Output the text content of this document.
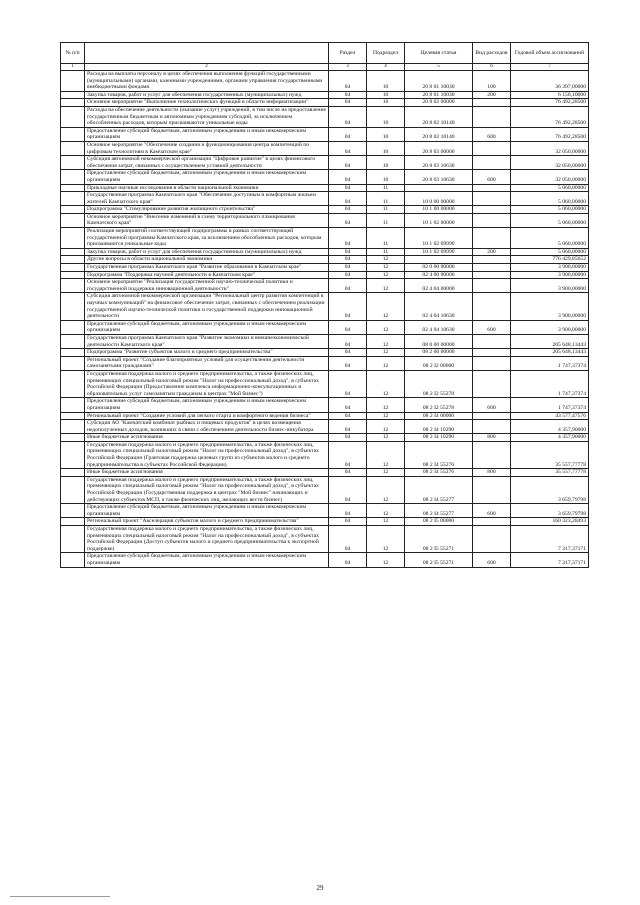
№ п/п		Раздел	Подраздел	Целевая статья	Вид расходов	Годовой объем ассигнований
1	2	3	4	5	6	7
	Расходы на выплаты персоналу в целях обеспечения выполнения функций государственными (муниципальными) органами, казенными учреждениями, органами управления государственными внебюджетными фондами	04	10	20 8 01 10030	100	36 397,00000
	Закупка товаров, работ и услуг для обеспечения государственных (муниципальных) нужд	04	10	20 8 01 10030	200	6 156,10000
	Основное мероприятие "Выполнение технологических функций в области информатизации"	04	10	20 8 02 00000		76 492,28500
	Расходы на обеспечение деятельности (оказание услуг) учреждений, в том числе на предоставление государственным бюджетным и автономным учреждениям субсидий, за исключением обособленных расходов, которым присваиваются уникальные коды	04	10	20 8 02 10140		76 492,28500
	Предоставление субсидий бюджетным, автономным учреждениям и иным некоммерческим организациям	04	10	20 8 02 10140	600	76 492,28500
	Основное мероприятие "Обеспечение создания и функционирования центра компетенций по цифровым технологиям в Камчатском крае"	04	10	20 8 03 00000		32 050,00000
	Субсидия автономной некоммерческой организации "Цифровое развитие" в целях финансового обеспечения затрат, связанных с осуществлением уставной деятельности	04	10	20 8 03 10630		32 050,00000
	Предоставление субсидий бюджетным, автономным учреждениям и иным некоммерческим организациям	04	10	20 8 03 10630	600	32 050,00000
	Прикладные научные исследования в области национальной экономики	04	11			5 060,00000
	Государственная программа Камчатского края "Обеспечение доступным и комфортным жильем жителей Камчатского края"	04	11	10 0 00 00000		5 060,00000
	Подпрограмма "Стимулирование развития жилищного строительства"	04	11	10 1 00 00000		5 060,00000
	Основное мероприятие "Внесение изменений в схему территориального планирования Камчатского края"	04	11	10 1 02 00000		5 060,00000
	Реализация мероприятий соответствующей подпрограммы в рамках соответствующей государственной программы Камчатского края, за исключением обособленных расходов, которым присваиваются уникальные коды	04	11	10 1 02 09990		5 060,00000
	Закупка товаров, работ и услуг для обеспечения государственных (муниципальных) нужд	04	11	10 1 02 09990	200	5 060,00000
	Другие вопросы в области национальной экономики	04	12			776 429,85652
	Государственная программа Камчатского края "Развитие образования в Камчатском крае"	04	12	02 0 00 00000		3 900,00000
	Подпрограмма "Поддержка научной деятельности в Камчатском крае"	04	12	02 4 00 00000		3 900,00000
	Основное мероприятие "Реализация государственной научно-технической политики и государственной поддержки инновационной деятельности"	04	12	02 4 04 00000		3 900,00000
	Субсидия автономной некоммерческой организации "Региональный центр развития компетенций в научных коммуникаций" на финансовое обеспечение затрат, связанных с обеспечением реализации государственной научно-технической политики и государственной поддержки инновационной деятельности	04	12	02 4 04 10630		3 900,00000
	Предоставление субсидий бюджетным, автономным учреждениям и иным некоммерческим организациям	04	12	02 4 04 10630	600	3 900,00000
	Государственная программа Камчатского края "Развитие экономики и внешнеэкономической деятельности Камчатского края"	04	12	08 0 00 00000		205 648,13443
	Подпрограмма "Развитие субъектов малого и среднего предпринимательства"	04	12	08 2 00 00000		205 648,13443
	Региональный проект "Создание благоприятных условий для осуществления деятельности самозанятыми гражданами"	04	12	08 2 I2 00000		1 747,37374
	Государственная поддержка малого и среднего предпринимательства, а также физических лиц, применяющих специальный налоговый режим "Налог на профессиональный доход", в субъектах Российской Федерации (Предоставление комплекса информационно-консультационных и образовательных услуг самозанятым гражданам в центрах "Мой бизнес")	04	12	08 2 I2 55278		1 747,37374
	Предоставление субсидий бюджетным, автономным учреждениям и иным некоммерческим организациям	04	12	08 2 I2 55278	600	1 747,37374
	Региональный проект "Создание условий для легкого старта и комфортного ведения бизнеса"	04	12	08 2 I4 00000		43 577,47576
	Субсидия АО "Камчатский комбинат рыбных и пищевых продуктов" в целях возмещения недополученных доходов, возникших в связи с обеспечением деятельности бизнес-инкубатора	04	12	08 2 I4 10290		4 357,90000
	Иные бюджетные ассигнования	04	12	08 2 I4 10290	800	4 357,90000
	Государственная поддержка малого и среднего предпринимательства, а также физических лиц, применяющих специальный налоговый режим "Налог на профессиональный доход", в субъектах Российской Федерации (Грантовая поддержка целевых групп из субъектов малого и среднего предпринимательства в субъектах Российской Федерации)	04	12	08 2 I4 55276		35 557,77778
	Иные бюджетные ассигнования	04	12	08 2 I4 55276	800	35 557,77778
	Государственная поддержка малого и среднего предпринимательства, а также физических лиц, применяющих специальный налоговый режим "Налог на профессиональный доход", в субъектах Российской Федерации (Государственная поддержка в центрах "Мой бизнес" начинающих и действующих субъектов МСП, а также физических лиц, желающих вести бизнес)	04	12	08 2 I4 55277		3 659,79798
	Предоставление субсидий бюджетным, автономным учреждениям и иным некоммерческим организациям	04	12	08 2 I4 55277	600	3 659,79798
	Региональный проект "Акселерация субъектов малого и среднего предпринимательства"	04	12	08 2 I5 00000		160 323,28493
	Государственная поддержка малого и среднего предпринимательства, а также физических лиц, применяющих специальный налоговый режим "Налог на профессиональный доход", в субъектах Российской Федерации (Доступ субъектов малого и среднего предпринимательства к экспортной поддержке)	04	12	08 2 I5 55271		7 317,37171
	Предоставление субсидий бюджетным, автономным учреждениям и иным некоммерческим организациям	04	12	08 2 I5 55271	600	7 317,37171
29
